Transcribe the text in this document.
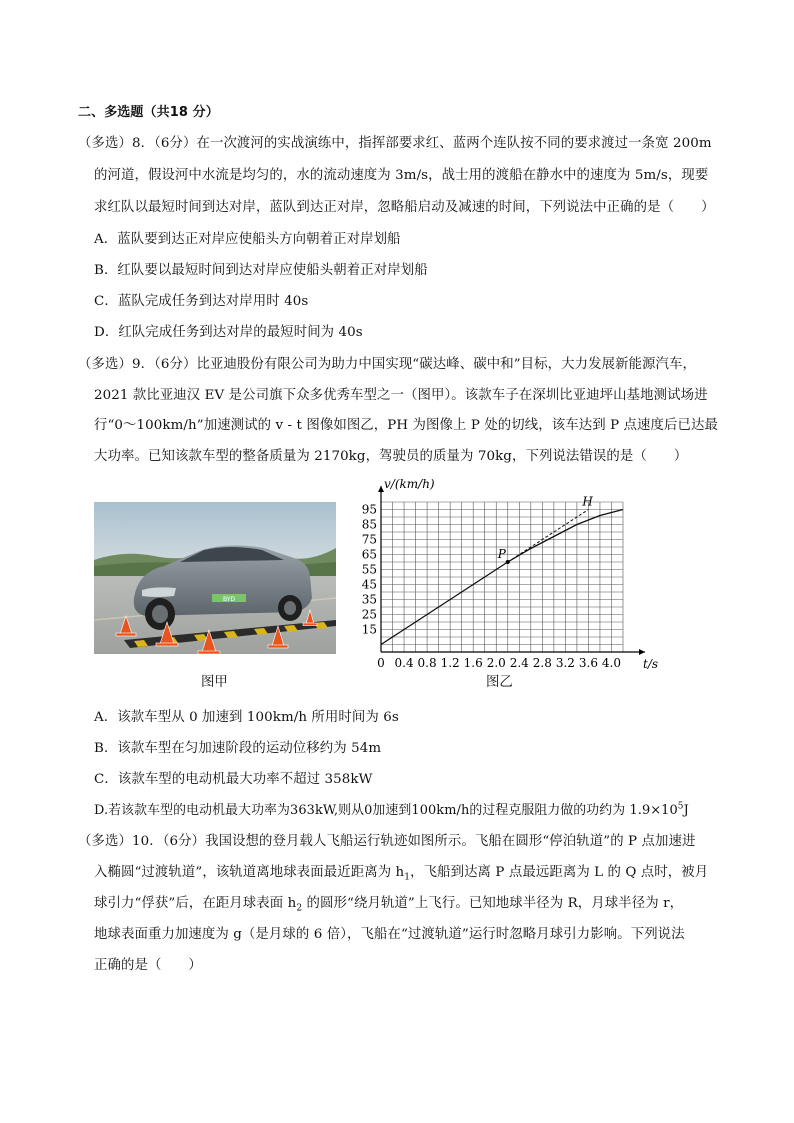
二、多选题（共18 分）
（多选）8．（6分）在一次渡河的实战演练中，指挥部要求红、蓝两个连队按不同的要求渡过一条宽 200m
的河道，假设河中水流是均匀的，水的流动速度为 3m/s，战士用的渡船在静水中的速度为 5m/s，现要
求红队以最短时间到达对岸，蓝队到达正对岸，忽略船启动及减速的时间，下列说法中正确的是（　　）
A．蓝队要到达正对岸应使船头方向朝着正对岸划船
B．红队要以最短时间到达对岸应使船头朝着正对岸划船
C．蓝队完成任务到达对岸用时 40s
D．红队完成任务到达对岸的最短时间为 40s
（多选）9．（6分）比亚迪股份有限公司为助力中国实现“碳达峰、碳中和”目标，大力发展新能源汽车，
2021 款比亚迪汉 EV 是公司旗下众多优秀车型之一（图甲）。该款车子在深圳比亚迪坪山基地测试场进
行“0～100km/h”加速测试的 v - t 图像如图乙，PH 为图像上 P 处的切线，该车达到 P 点速度后已达最
大功率。已知该款车型的整备质量为 2170kg，驾驶员的质量为 70kg，下列说法错误的是（　　）
BYD
图甲
v/(km/h)
t/s
0 0.4 0.8 1.2 1.6 2.0 2.4 2.8 3.2 3.6 4.0
15
25
35
45
55
65
75
85
95
P
H
图乙
A．该款车型从 0 加速到 100km/h 所用时间为 6s
B．该款车型在匀加速阶段的运动位移约为 54m
C．该款车型的电动机最大功率不超过 358kW
D.若该款车型的电动机最大功率为363kW,则从0加速到100km/h的过程克服阻力做的功约为 $1.9\times 10^5J$
（多选）10．（6分）我国设想的登月载人飞船运行轨迹如图所示。飞船在圆形“停泊轨道”的 P 点加速进
入椭圆“过渡轨道”，该轨道离地球表面最近距离为 $h_1$，飞船到达离 P 点最远距离为 L 的 Q 点时，被月
球引力“俘获”后，在距月球表面 $h_2$ 的圆形“绕月轨道”上飞行。已知地球半径为 R，月球半径为 r，
地球表面重力加速度为 g（是月球的 6 倍），飞船在“过渡轨道”运行时忽略月球引力影响。下列说法
正确的是（　　）
